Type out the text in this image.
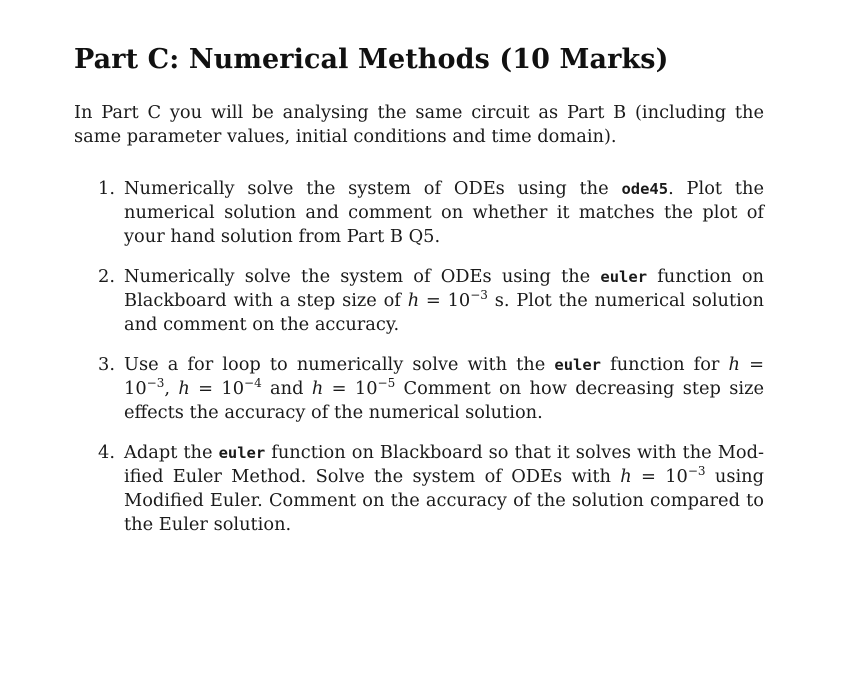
Part C: Numerical Methods (10 Marks)

In Part C you will be analysing the same circuit as Part B (including the same parameter values, initial conditions and time domain).

1. Numerically solve the system of ODEs using the ode45. Plot the numerical solution and comment on whether it matches the plot of your hand solution from Part B Q5.
2. Numerically solve the system of ODEs using the euler function on Blackboard with a step size of $h = 10^{-3}$ s. Plot the numerical solution and comment on the accuracy.
3. Use a for loop to numerically solve with the euler function for $h = 10^{-3}$, $h = 10^{-4}$ and $h = 10^{-5}$ Comment on how decreasing step size effects the accuracy of the numerical solution.
4. Adapt the euler function on Blackboard so that it solves with the Modified Euler Method. Solve the system of ODEs with $h = 10^{-3}$ using Modified Euler. Comment on the accuracy of the solution compared to the Euler solution.
